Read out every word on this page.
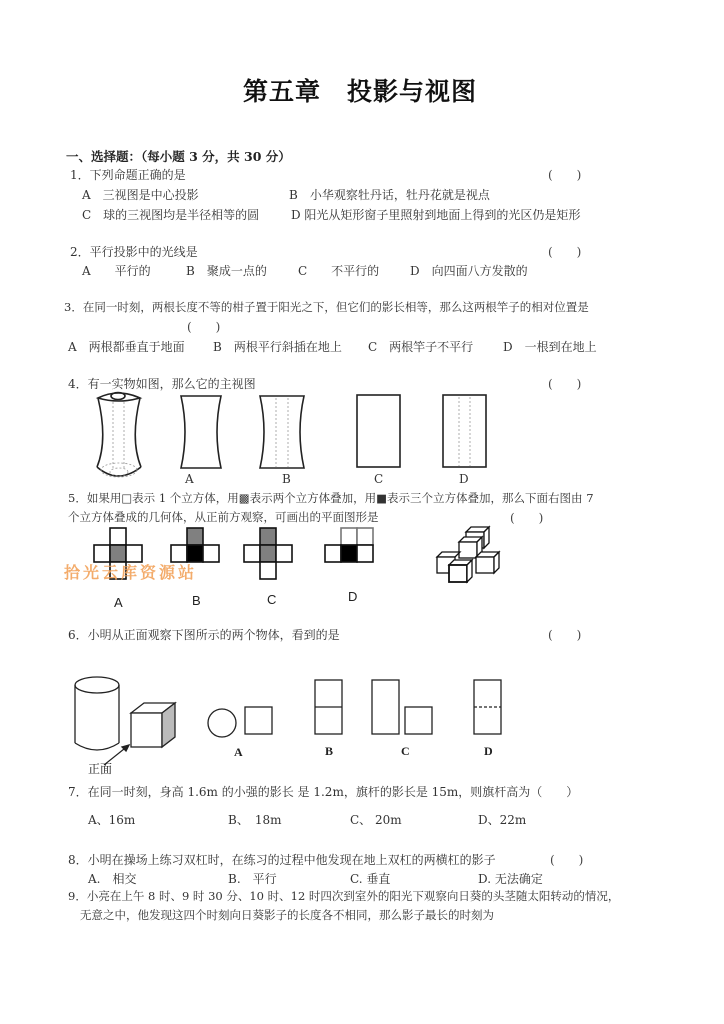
第五章　投影与视图
一、选择题：（每小题 3 分，共 30 分）
1．下列命题正确的是	(　　)
A　三视图是中心投影	B　小华观察牡丹话，牡丹花就是视点
C　球的三视图均是半径相等的圆	D 阳光从矩形窗子里照射到地面上得到的光区仍是矩形
2．平行投影中的光线是	(　　)
A　　平行的	B　聚成一点的	C　　不平行的	D　向四面八方发散的
3．在同一时刻，两根长度不等的柑子置于阳光之下，但它们的影长相等，那么这两根竿子的相对位置是
(　　)
A　两根都垂直于地面 B　两根平行斜插在地上 C　两根竿子不平行 D　一根到在地上
4．有一实物如图，那么它的主视图	(　　)
A	B	C	D
5．如果用□表示 1 个立方体，用▩表示两个立方体叠加，用■表示三个立方体叠加，那么下面右图由 7
个立方体叠成的几何体，从正前方观察，可画出的平面图形是	(　　)
拾光云库资源站
A	B	C	D
6．小明从正面观察下图所示的两个物体，看到的是	(　　)
正面
A	B	C	D
7．在同一时刻，身高 1.6m 的小强的影长 是 1.2m，旗杆的影长是 15m，则旗杆高为（　　）
A、16m	B、　18m	C、 20m	D、22m
8．小明在操场上练习双杠时，在练习的过程中他发现在地上双杠的两横杠的影子	(　　)
A.　相交	B.　平行	C. 垂直	D. 无法确定
9．小亮在上午 8 时、9 时 30 分、10 时、12 时四次到室外的阳光下观察向日葵的头茎随太阳转动的情况，
无意之中，他发现这四个时刻向日葵影子的长度各不相同，那么影子最长的时刻为
